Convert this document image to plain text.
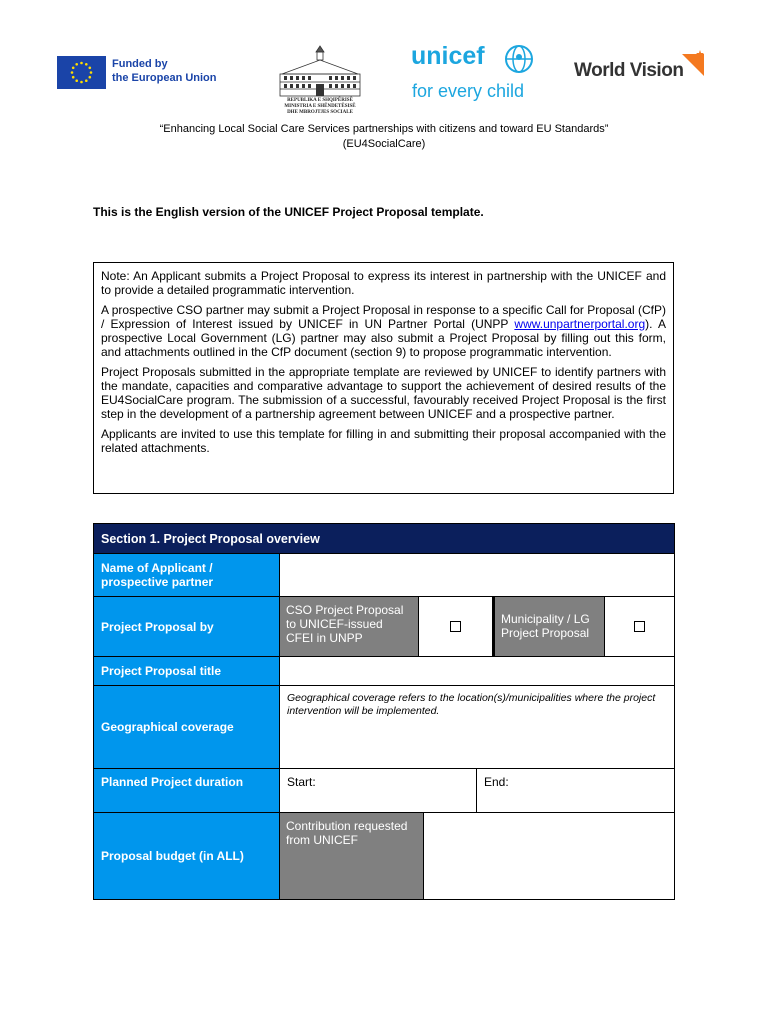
Funded by
the European Union
REPUBLIKA E SHQIPËRISË
MINISTRIA E SHËNDETËSISË
DHE MBROJTJES SOCIALE
unicef
for every child
World Vision
“Enhancing Local Social Care Services partnerships with citizens and toward EU Standards”
(EU4SocialCare)
This is the English version of the UNICEF Project Proposal template.

Note: An Applicant submits a Project Proposal to express its interest in partnership with the UNICEF and to provide a detailed programmatic intervention.

A prospective CSO partner may submit a Project Proposal in response to a specific Call for Proposal (CfP) / Expression of Interest issued by UNICEF in UN Partner Portal (UNPP www.unpartnerportal.org). A prospective Local Government (LG) partner may also submit a Project Proposal by filling out this form, and attachments outlined in the CfP document (section 9) to propose programmatic intervention.

Project Proposals submitted in the appropriate template are reviewed by UNICEF to identify partners with the mandate, capacities and comparative advantage to support the achievement of desired results of the EU4SocialCare program. The submission of a successful, favourably received Project Proposal is the first step in the development of a partnership agreement between UNICEF and a prospective partner.

Applicants are invited to use this template for filling in and submitting their proposal accompanied with the related attachments.

Section 1. Project Proposal overview
Name of Applicant / prospective partner
Project Proposal by
CSO Project Proposal to UNICEF-issued CFEI in UNPP
Municipality / LG Project Proposal
Project Proposal title
Geographical coverage
Geographical coverage refers to the location(s)/municipalities where the project intervention will be implemented.
Planned Project duration	Start:	End:
Proposal budget (in ALL)
Contribution requested from UNICEF
